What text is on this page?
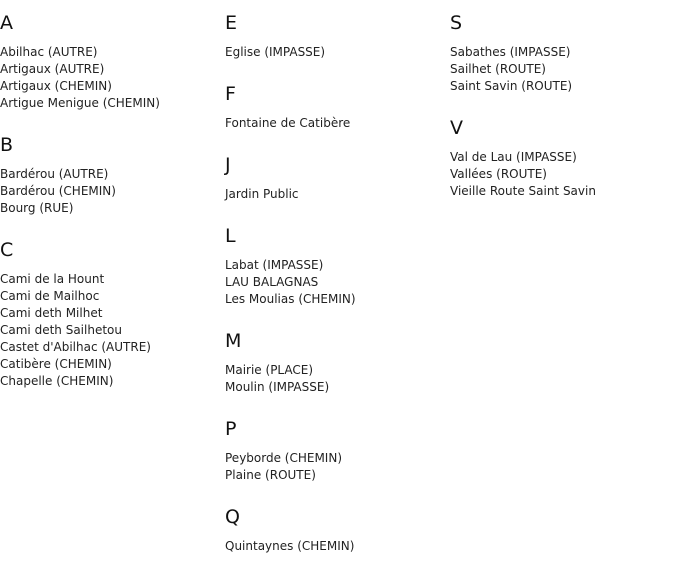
A
Abilhac (AUTRE)
Artigaux (AUTRE)
Artigaux (CHEMIN)
Artigue Menigue (CHEMIN)
B
Bardérou (AUTRE)
Bardérou (CHEMIN)
Bourg (RUE)
C
Cami de la Hount
Cami de Mailhoc
Cami deth Milhet
Cami deth Sailhetou
Castet d'Abilhac (AUTRE)
Catibère (CHEMIN)
Chapelle (CHEMIN)
E
Eglise (IMPASSE)
F
Fontaine de Catibère
J
Jardin Public
L
Labat (IMPASSE)
LAU BALAGNAS
Les Moulias (CHEMIN)
M
Mairie (PLACE)
Moulin (IMPASSE)
P
Peyborde (CHEMIN)
Plaine (ROUTE)
Q
Quintaynes (CHEMIN)
S
Sabathes (IMPASSE)
Sailhet (ROUTE)
Saint Savin (ROUTE)
V
Val de Lau (IMPASSE)
Vallées (ROUTE)
Vieille Route Saint Savin
